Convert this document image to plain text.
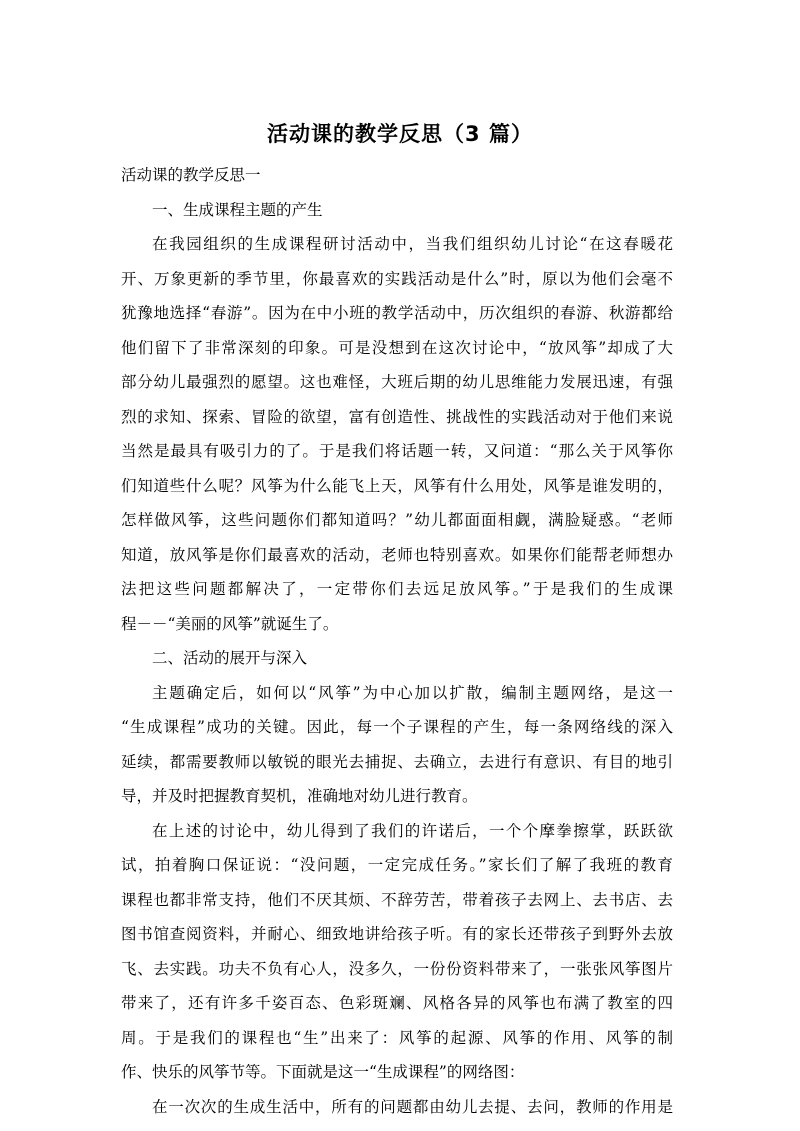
活动课的教学反思（3 篇）
活动课的教学反思一
一、生成课程主题的产生
在我园组织的生成课程研讨活动中，当我们组织幼儿讨论“在这春暖花
开、万象更新的季节里，你最喜欢的实践活动是什么”时，原以为他们会毫不
犹豫地选择“春游”。因为在中小班的教学活动中，历次组织的春游、秋游都给
他们留下了非常深刻的印象。可是没想到在这次讨论中，“放风筝”却成了大
部分幼儿最强烈的愿望。这也难怪，大班后期的幼儿思维能力发展迅速，有强
烈的求知、探索、冒险的欲望，富有创造性、挑战性的实践活动对于他们来说
当然是最具有吸引力的了。于是我们将话题一转，又问道：“那么关于风筝你
们知道些什么呢？风筝为什么能飞上天，风筝有什么用处，风筝是谁发明的，
怎样做风筝，这些问题你们都知道吗？”幼儿都面面相觑，满脸疑惑。“老师
知道，放风筝是你们最喜欢的活动，老师也特别喜欢。如果你们能帮老师想办
法把这些问题都解决了，一定带你们去远足放风筝。”于是我们的生成课
程－－“美丽的风筝”就诞生了。
二、活动的展开与深入
主题确定后，如何以“风筝”为中心加以扩散，编制主题网络，是这一
“生成课程”成功的关键。因此，每一个子课程的产生，每一条网络线的深入
延续，都需要教师以敏锐的眼光去捕捉、去确立，去进行有意识、有目的地引
导，并及时把握教育契机，准确地对幼儿进行教育。
在上述的讨论中，幼儿得到了我们的许诺后，一个个摩拳擦掌，跃跃欲
试，拍着胸口保证说：“没问题，一定完成任务。”家长们了解了我班的教育
课程也都非常支持，他们不厌其烦、不辞劳苦，带着孩子去网上、去书店、去
图书馆查阅资料，并耐心、细致地讲给孩子听。有的家长还带孩子到野外去放
飞、去实践。功夫不负有心人，没多久，一份份资料带来了，一张张风筝图片
带来了，还有许多千姿百态、色彩斑斓、风格各异的风筝也布满了教室的四
周。于是我们的课程也“生”出来了：风筝的起源、风筝的作用、风筝的制
作、快乐的风筝节等。下面就是这一“生成课程”的网络图：
在一次次的生成生活中，所有的问题都由幼儿去提、去问，教师的作用是
